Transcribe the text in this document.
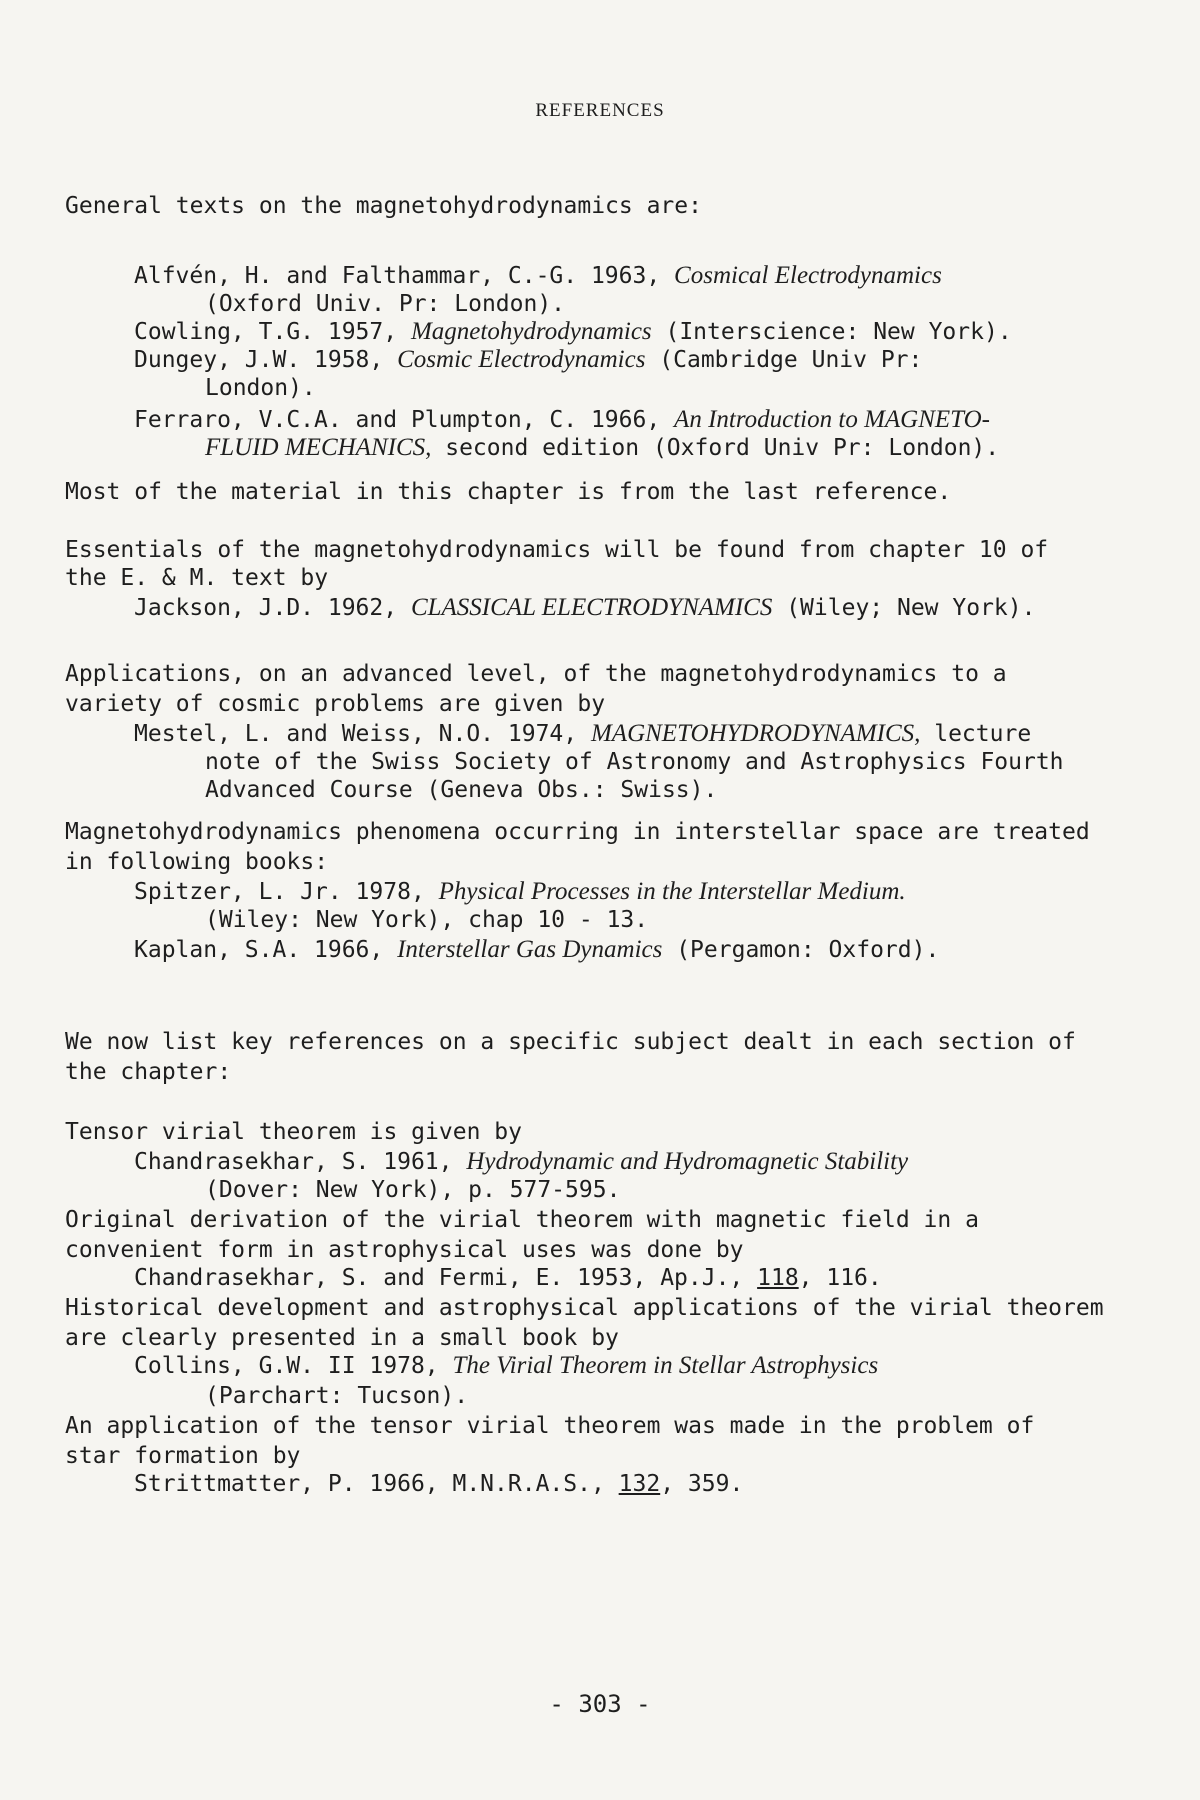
REFERENCES
General texts on the magnetohydrodynamics are:
Alfvén, H. and Falthammar, C.-G. 1963, Cosmical Electrodynamics
(Oxford Univ. Pr: London).
Cowling, T.G. 1957, Magnetohydrodynamics (Interscience: New York).
Dungey, J.W. 1958, Cosmic Electrodynamics (Cambridge Univ Pr:
London).
Ferraro, V.C.A. and Plumpton, C. 1966, An Introduction to MAGNETO-
FLUID MECHANICS, second edition (Oxford Univ Pr: London).
Most of the material in this chapter is from the last reference.
Essentials of the magnetohydrodynamics will be found from chapter 10 of
the E. & M. text by
Jackson, J.D. 1962, CLASSICAL ELECTRODYNAMICS (Wiley; New York).
Applications, on an advanced level, of the magnetohydrodynamics to a
variety of cosmic problems are given by
Mestel, L. and Weiss, N.O. 1974, MAGNETOHYDRODYNAMICS, lecture
note of the Swiss Society of Astronomy and Astrophysics Fourth
Advanced Course (Geneva Obs.: Swiss).
Magnetohydrodynamics phenomena occurring in interstellar space are treated
in following books:
Spitzer, L. Jr. 1978, Physical Processes in the Interstellar Medium.
(Wiley: New York), chap 10 - 13.
Kaplan, S.A. 1966, Interstellar Gas Dynamics (Pergamon: Oxford).
We now list key references on a specific subject dealt in each section of
the chapter:
Tensor virial theorem is given by
Chandrasekhar, S. 1961, Hydrodynamic and Hydromagnetic Stability
(Dover: New York), p. 577-595.
Original derivation of the virial theorem with magnetic field in a
convenient form in astrophysical uses was done by
Chandrasekhar, S. and Fermi, E. 1953, Ap.J., 118, 116.
Historical development and astrophysical applications of the virial theorem
are clearly presented in a small book by
Collins, G.W. II 1978, The Virial Theorem in Stellar Astrophysics
(Parchart: Tucson).
An application of the tensor virial theorem was made in the problem of
star formation by
Strittmatter, P. 1966, M.N.R.A.S., 132, 359.
- 303 -
